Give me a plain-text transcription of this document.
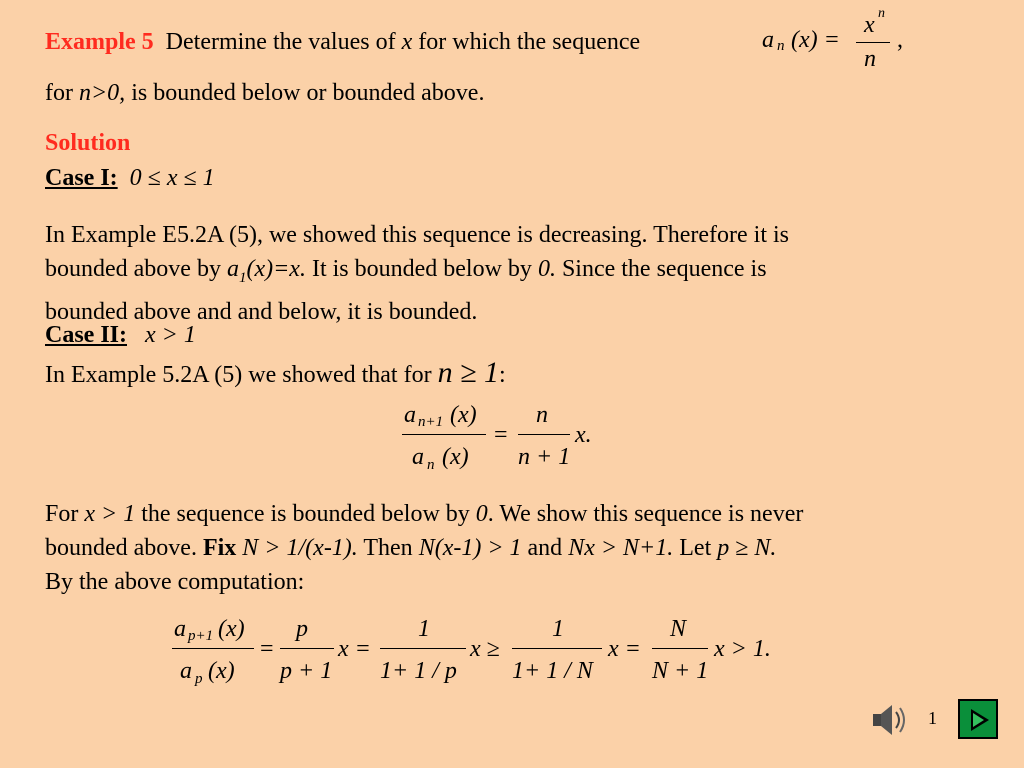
Example 5 Determine the values of x for which the sequence	a n (x) =
x n
n
,
for n>0, is bounded below or bounded above.
Solution
Case I: 0 ≤ x ≤ 1
In Example E5.2A (5), we showed this sequence is decreasing. Therefore it is
bounded above by $a_1(x)=x$. It is bounded below by 0. Since the sequence is
bounded above and and below, it is bounded.
Case II: x > 1
In Example 5.2A (5) we showed that for n ≥ 1:
a n+1 (x)
a n (x)
=
n
n + 1
x.
For x > 1 the sequence is bounded below by 0. We show this sequence is never
bounded above. Fix N > 1/(x-1). Then N(x-1) > 1 and Nx > N+1. Let p ≥ N.
By the above computation:
a p+1 (x)
a p (x)
=
p
p + 1
x =
1
1+ 1 / p
x ≥
1
1+ 1 / N
x =
N
N + 1
x > 1.
1
